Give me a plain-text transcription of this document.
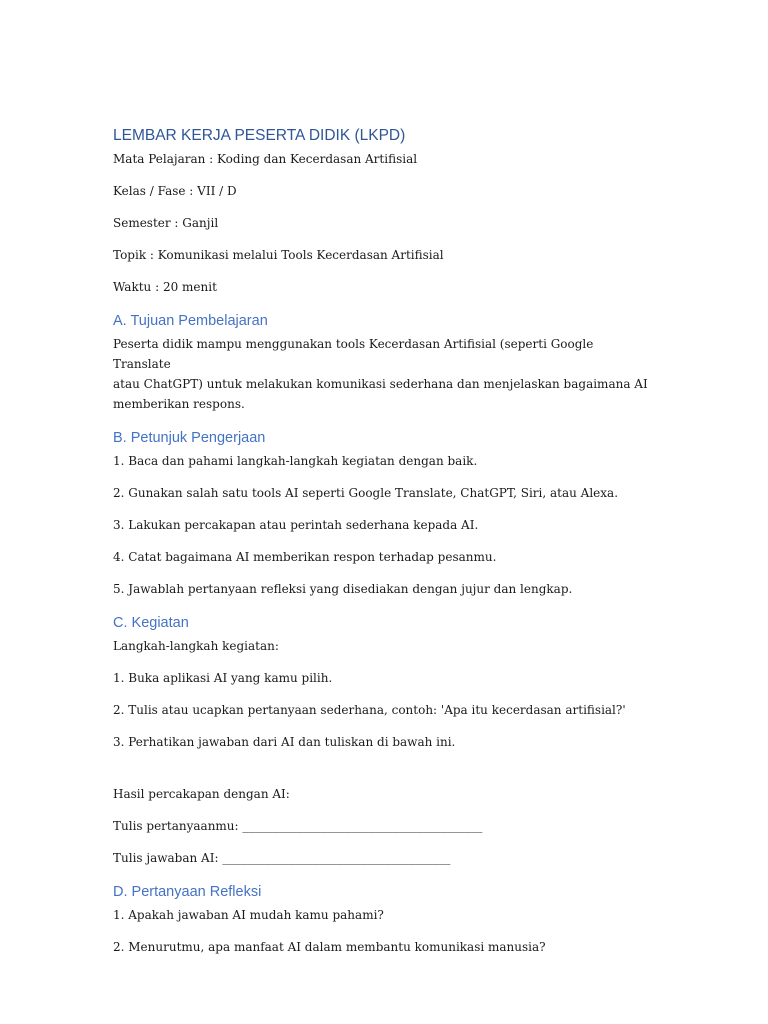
LEMBAR KERJA PESERTA DIDIK (LKPD)

Mata Pelajaran : Koding dan Kecerdasan Artifisial

Kelas / Fase : VII / D

Semester : Ganjil

Topik : Komunikasi melalui Tools Kecerdasan Artifisial

Waktu : 20 menit

A. Tujuan Pembelajaran

Peserta didik mampu menggunakan tools Kecerdasan Artifisial (seperti Google Translate

atau ChatGPT) untuk melakukan komunikasi sederhana dan menjelaskan bagaimana AI

memberikan respons.

B. Petunjuk Pengerjaan

1. Baca dan pahami langkah-langkah kegiatan dengan baik.

2. Gunakan salah satu tools AI seperti Google Translate, ChatGPT, Siri, atau Alexa.

3. Lakukan percakapan atau perintah sederhana kepada AI.

4. Catat bagaimana AI memberikan respon terhadap pesanmu.

5. Jawablah pertanyaan refleksi yang disediakan dengan jujur dan lengkap.

C. Kegiatan

Langkah-langkah kegiatan:

1. Buka aplikasi AI yang kamu pilih.

2. Tulis atau ucapkan pertanyaan sederhana, contoh: 'Apa itu kecerdasan artifisial?'

3. Perhatikan jawaban dari AI dan tuliskan di bawah ini.

Hasil percakapan dengan AI:

Tulis pertanyaanmu: ________________________________________

Tulis jawaban AI: ______________________________________

D. Pertanyaan Refleksi

1. Apakah jawaban AI mudah kamu pahami?

2. Menurutmu, apa manfaat AI dalam membantu komunikasi manusia?
